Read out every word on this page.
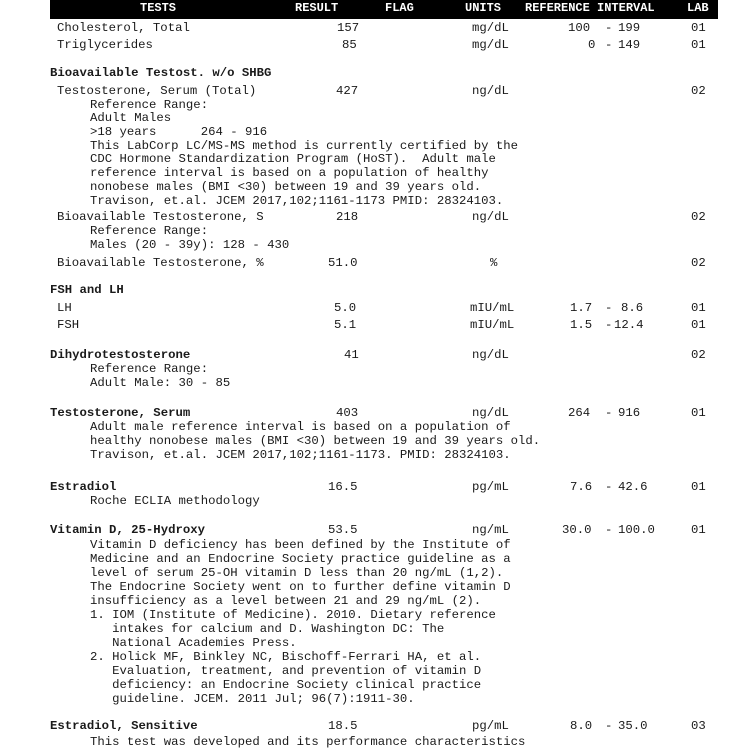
TESTS	RESULT	FLAG	UNITS REFERENCE INTERVAL	LAB
Cholesterol, Total	157	mg/dL	100 - 199	01
Triglycerides	85	mg/dL	0 - 149	01
Bioavailable Testost. w/o SHBG
Testosterone, Serum (Total)	427	ng/dL	02
Reference Range:
Adult Males
>18 years      264 - 916
This LabCorp LC/MS-MS method is currently certified by the
CDC Hormone Standardization Program (HoST).  Adult male
reference interval is based on a population of healthy
nonobese males (BMI <30) between 19 and 39 years old.
Travison, et.al. JCEM 2017,102;1161-1173 PMID: 28324103.
Bioavailable Testosterone, S	218	ng/dL	02
Reference Range:
Males (20 - 39y): 128 - 430
Bioavailable Testosterone, %	51.0	%	02
FSH and LH
LH	5.0	mIU/mL	1.7 - 8.6	01
FSH	5.1	mIU/mL	1.5 - 12.4	01
Dihydrotestosterone	41	ng/dL	02
Reference Range:
Adult Male: 30 - 85
Testosterone, Serum	403	ng/dL	264 - 916	01
Adult male reference interval is based on a population of
healthy nonobese males (BMI <30) between 19 and 39 years old.
Travison, et.al. JCEM 2017,102;1161-1173. PMID: 28324103.
Estradiol	16.5	pg/mL	7.6 - 42.6	01
Roche ECLIA methodology
Vitamin D, 25-Hydroxy	53.5	ng/mL	30.0 - 100.0	01
Vitamin D deficiency has been defined by the Institute of
Medicine and an Endocrine Society practice guideline as a
level of serum 25-OH vitamin D less than 20 ng/mL (1,2).
The Endocrine Society went on to further define vitamin D
insufficiency as a level between 21 and 29 ng/mL (2).
1. IOM (Institute of Medicine). 2010. Dietary reference
intakes for calcium and D. Washington DC: The
National Academies Press.
2. Holick MF, Binkley NC, Bischoff-Ferrari HA, et al.
Evaluation, treatment, and prevention of vitamin D
deficiency: an Endocrine Society clinical practice
guideline. JCEM. 2011 Jul; 96(7):1911-30.
Estradiol, Sensitive	18.5	pg/mL	8.0 - 35.0	03
This test was developed and its performance characteristics
